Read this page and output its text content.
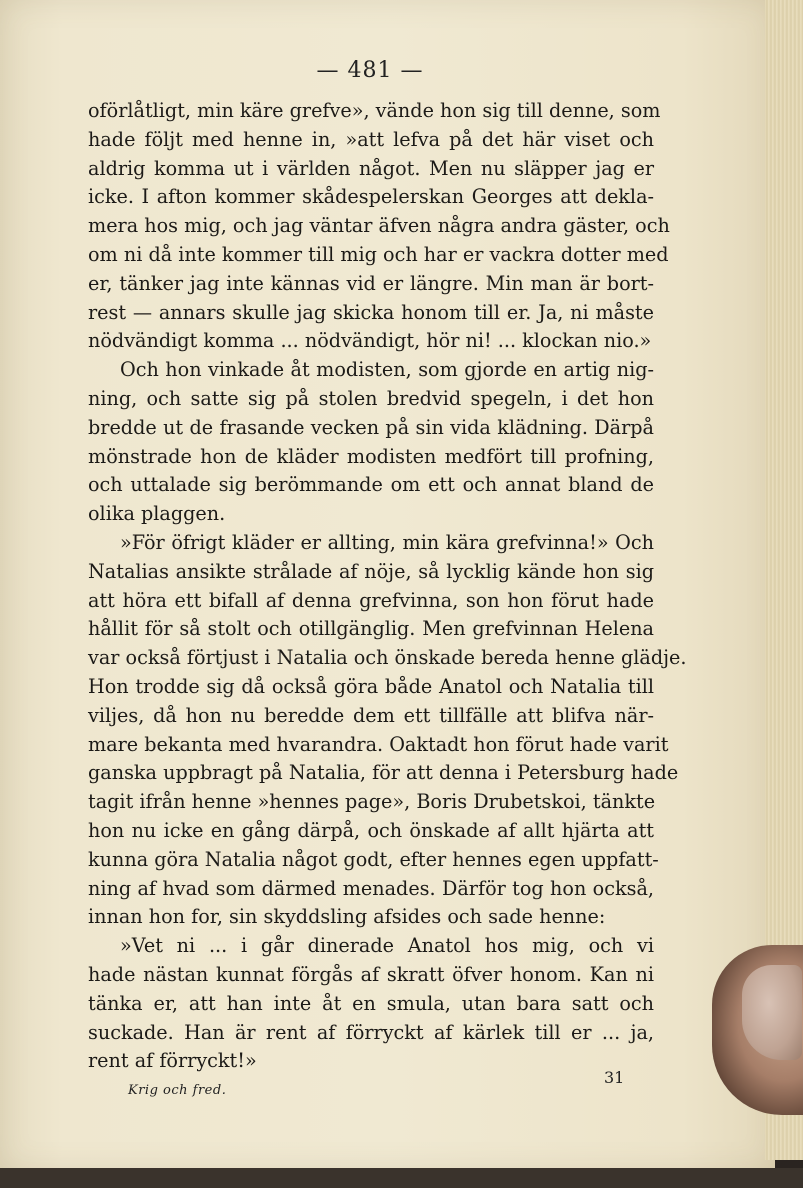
— 481 —
oförlåtligt, min käre grefve», vände hon sig till denne, som
hade följt med henne in, »att lefva på det här viset och
aldrig komma ut i världen något. Men nu släpper jag er
icke. I afton kommer skådespelerskan Georges att dekla-
mera hos mig, och jag väntar äfven några andra gäster, och
om ni då inte kommer till mig och har er vackra dotter med
er, tänker jag inte kännas vid er längre. Min man är bort-
rest — annars skulle jag skicka honom till er. Ja, ni måste
nödvändigt komma ... nödvändigt, hör ni! ... klockan nio.»
Och hon vinkade åt modisten, som gjorde en artig nig-
ning, och satte sig på stolen bredvid spegeln, i det hon
bredde ut de frasande vecken på sin vida klädning. Därpå
mönstrade hon de kläder modisten medfört till profning,
och uttalade sig berömmande om ett och annat bland de
olika plaggen.
»För öfrigt kläder er allting, min kära grefvinna!» Och
Natalias ansikte strålade af nöje, så lycklig kände hon sig
att höra ett bifall af denna grefvinna, son hon förut hade
hållit för så stolt och otillgänglig. Men grefvinnan Helena
var också förtjust i Natalia och önskade bereda henne glädje.
Hon trodde sig då också göra både Anatol och Natalia till
viljes, då hon nu beredde dem ett tillfälle att blifva när-
mare bekanta med hvarandra. Oaktadt hon förut hade varit
ganska uppbragt på Natalia, för att denna i Petersburg hade
tagit ifrån henne »hennes page», Boris Drubetskoi, tänkte
hon nu icke en gång därpå, och önskade af allt hjärta att
kunna göra Natalia något godt, efter hennes egen uppfatt-
ning af hvad som därmed menades. Därför tog hon också,
innan hon for, sin skyddsling afsides och sade henne:
»Vet ni ... i går dinerade Anatol hos mig, och vi
hade nästan kunnat förgås af skratt öfver honom. Kan ni
tänka er, att han inte åt en smula, utan bara satt och
suckade. Han är rent af förryckt af kärlek till er ... ja,
rent af förryckt!»
Krig och fred.
31
